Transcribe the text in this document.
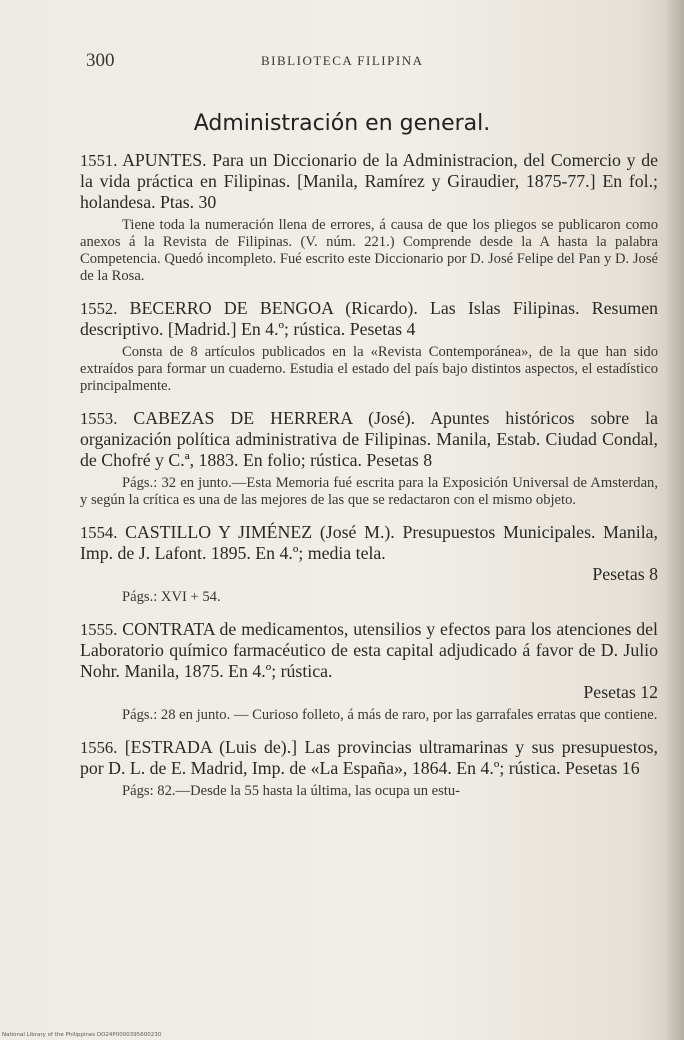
300	BIBLIOTECA FILIPINA
Administración en general.
1551. APUNTES. Para un Diccionario de la Administracion, del Comercio y de la vida práctica en Filipinas. [Manila, Ramírez y Giraudier, 1875-77.] En fol.; holandesa. Ptas. 30
Tiene toda la numeración llena de errores, á causa de que los pliegos se publicaron como anexos á la Revista de Filipinas. (V. núm. 221.) Comprende desde la A hasta la palabra Competencia. Quedó incompleto. Fué escrito este Diccionario por D. José Felipe del Pan y D. José de la Rosa.
1552. BECERRO DE BENGOA (Ricardo). Las Islas Filipinas. Resumen descriptivo. [Madrid.] En 4.º; rústica. Pesetas 4
Consta de 8 artículos publicados en la «Revista Contemporánea», de la que han sido extraídos para formar un cuaderno. Estudia el estado del país bajo distintos aspectos, el estadístico principalmente.
1553. CABEZAS DE HERRERA (José). Apuntes históricos sobre la organización política administrativa de Filipinas. Manila, Estab. Ciudad Condal, de Chofré y C.ª, 1883. En folio; rústica. Pesetas 8
Págs.: 32 en junto.—Esta Memoria fué escrita para la Exposición Universal de Amsterdan, y según la crítica es una de las mejores de las que se redactaron con el mismo objeto.
1554. CASTILLO Y JIMÉNEZ (José M.). Presupuestos Municipales. Manila, Imp. de J. Lafont. 1895. En 4.º; media tela.
Pesetas 8
Págs.: XVI + 54.
1555. CONTRATA de medicamentos, utensilios y efectos para los atenciones del Laboratorio químico farmacéutico de esta capital adjudicado á favor de D. Julio Nohr. Manila, 1875. En 4.º; rústica.
Pesetas 12
Págs.: 28 en junto. — Curioso folleto, á más de raro, por las garrafales erratas que contiene.
1556. [ESTRADA (Luis de).] Las provincias ultramarinas y sus presupuestos, por D. L. de E. Madrid, Imp. de «La España», 1864. En 4.º; rústica. Pesetas 16
Págs: 82.—Desde la 55 hasta la última, las ocupa un estu-
National Library of the Philippines DO24P0000395600230
